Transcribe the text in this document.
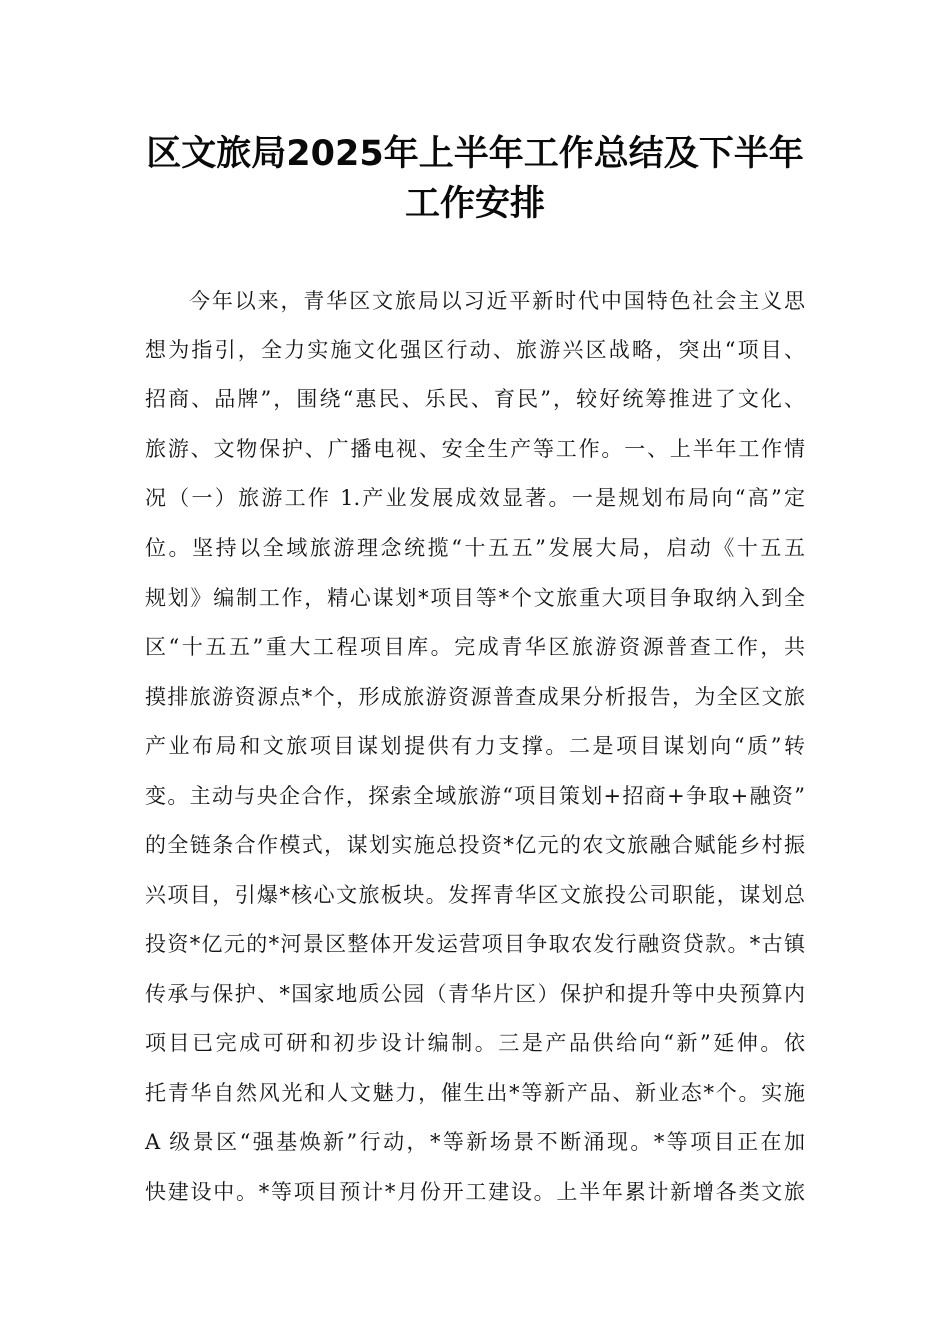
区文旅局2025年上半年工作总结及下半年
工作安排
今年以来，青华区文旅局以习近平新时代中国特色社会主义思
想为指引，全力实施文化强区行动、旅游兴区战略，突出“项目、
招商、品牌”，围绕“惠民、乐民、育民”，较好统筹推进了文化、
旅游、文物保护、广播电视、安全生产等工作。一、上半年工作情
况（一）旅游工作 1.产业发展成效显著。一是规划布局向“高”定
位。坚持以全域旅游理念统揽“十五五”发展大局，启动《十五五
规划》编制工作，精心谋划*项目等*个文旅重大项目争取纳入到全
区“十五五”重大工程项目库。完成青华区旅游资源普查工作，共
摸排旅游资源点*个，形成旅游资源普查成果分析报告，为全区文旅
产业布局和文旅项目谋划提供有力支撑。二是项目谋划向“质”转
变。主动与央企合作，探索全域旅游“项目策划+招商+争取+融资”
的全链条合作模式，谋划实施总投资*亿元的农文旅融合赋能乡村振
兴项目，引爆*核心文旅板块。发挥青华区文旅投公司职能，谋划总
投资*亿元的*河景区整体开发运营项目争取农发行融资贷款。*古镇
传承与保护、*国家地质公园（青华片区）保护和提升等中央预算内
项目已完成可研和初步设计编制。三是产品供给向“新”延伸。依
托青华自然风光和人文魅力，催生出*等新产品、新业态*个。实施
A 级景区“强基焕新”行动，*等新场景不断涌现。*等项目正在加
快建设中。*等项目预计*月份开工建设。上半年累计新增各类文旅
